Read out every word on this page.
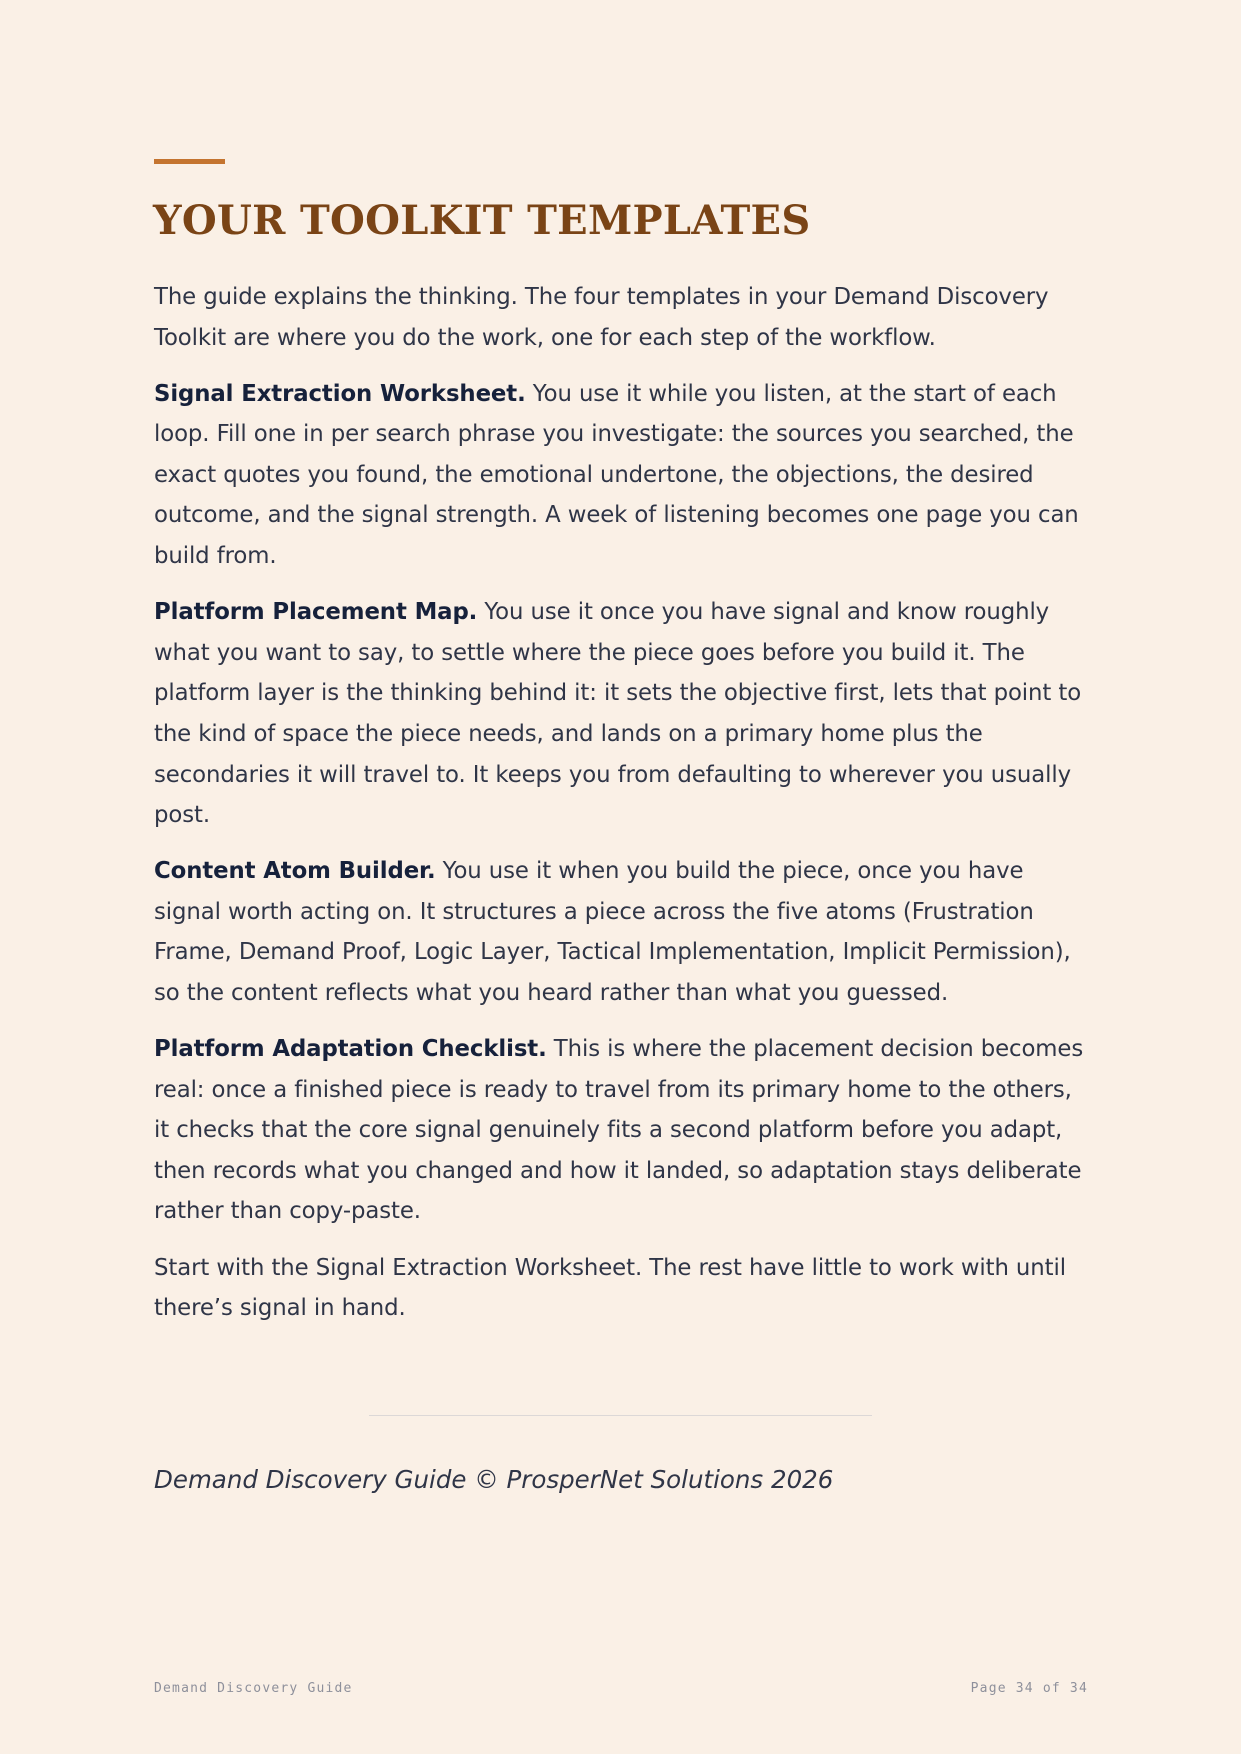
YOUR TOOLKIT TEMPLATES

The guide explains the thinking. The four templates in your Demand Discovery Toolkit are where you do the work, one for each step of the workflow.

Signal Extraction Worksheet. You use it while you listen, at the start of each loop. Fill one in per search phrase you investigate: the sources you searched, the exact quotes you found, the emotional undertone, the objections, the desired outcome, and the signal strength. A week of listening becomes one page you can build from.

Platform Placement Map. You use it once you have signal and know roughly what you want to say, to settle where the piece goes before you build it. The platform layer is the thinking behind it: it sets the objective first, lets that point to the kind of space the piece needs, and lands on a primary home plus the secondaries it will travel to. It keeps you from defaulting to wherever you usually post.

Content Atom Builder. You use it when you build the piece, once you have signal worth acting on. It structures a piece across the five atoms (Frustration Frame, Demand Proof, Logic Layer, Tactical Implementation, Implicit Permission), so the content reflects what you heard rather than what you guessed.

Platform Adaptation Checklist. This is where the placement decision becomes real: once a finished piece is ready to travel from its primary home to the others, it checks that the core signal genuinely fits a second platform before you adapt, then records what you changed and how it landed, so adaptation stays deliberate rather than copy-paste.

Start with the Signal Extraction Worksheet. The rest have little to work with until there’s signal in hand.

Demand Discovery Guide © ProsperNet Solutions 2026
Demand Discovery Guide	Page 34 of 34
